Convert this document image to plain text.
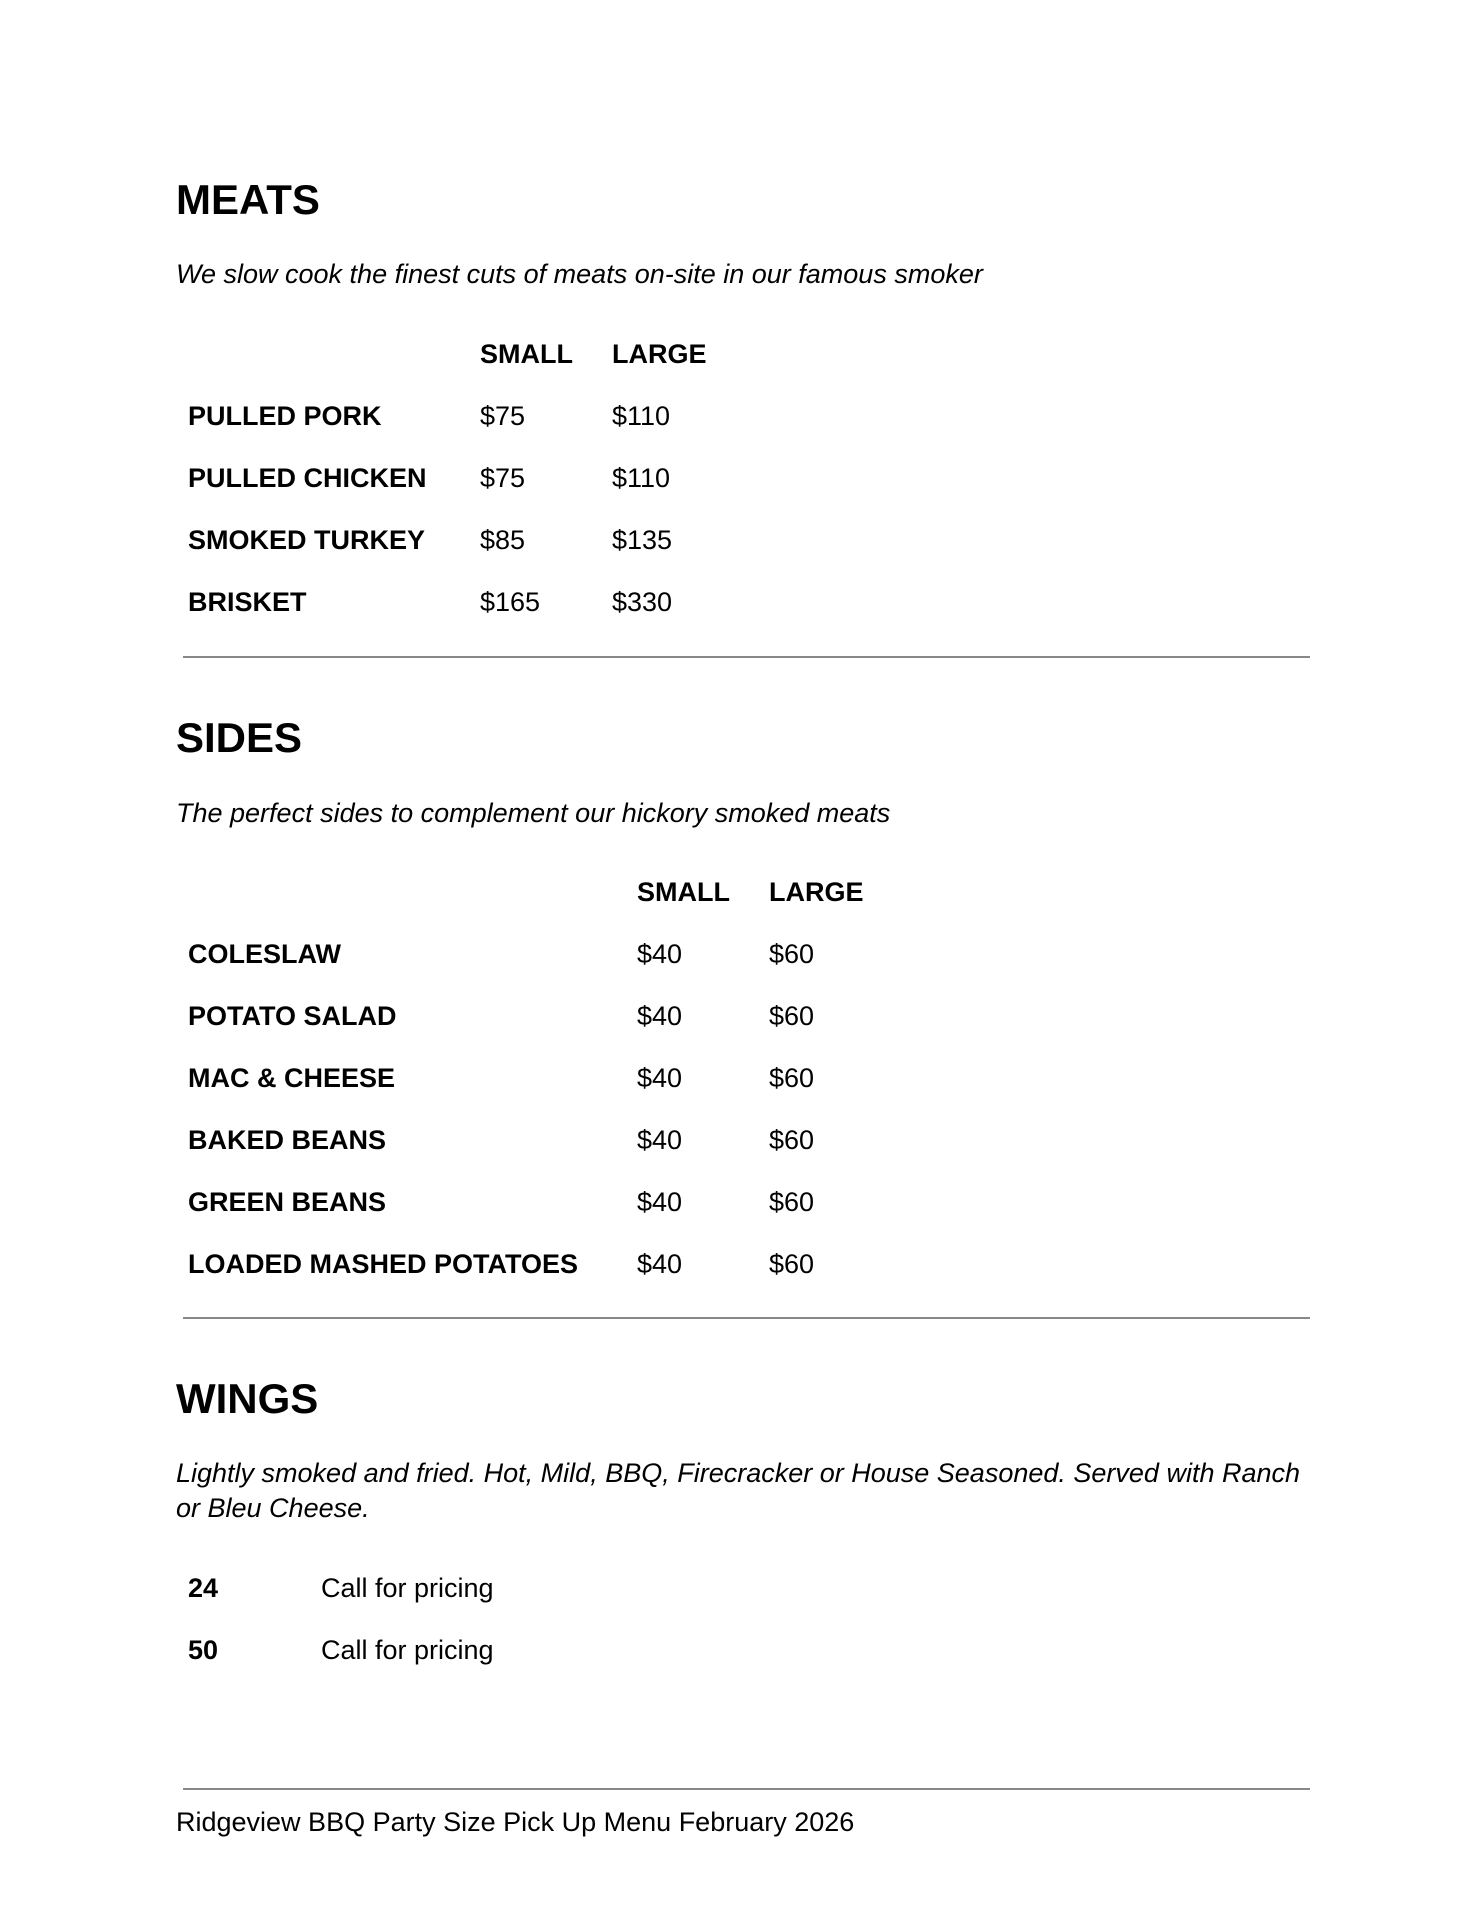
MEATS
We slow cook the finest cuts of meats on-site in our famous smoker
SMALL LARGE
PULLED PORK	$75	$110
PULLED CHICKEN $75	$110
SMOKED TURKEY $85	$135
BRISKET	$165	$330
SIDES
The perfect sides to complement our hickory smoked meats
SMALL LARGE
COLESLAW	$40	$60
POTATO SALAD	$40	$60
MAC & CHEESE	$40	$60
BAKED BEANS	$40	$60
GREEN BEANS	$40	$60
LOADED MASHED POTATOES $40	$60
WINGS
Lightly smoked and fried. Hot, Mild, BBQ, Firecracker or House Seasoned. Served with Ranch or Bleu Cheese.
24	Call for pricing
50	Call for pricing
Ridgeview BBQ Party Size Pick Up Menu February 2026
